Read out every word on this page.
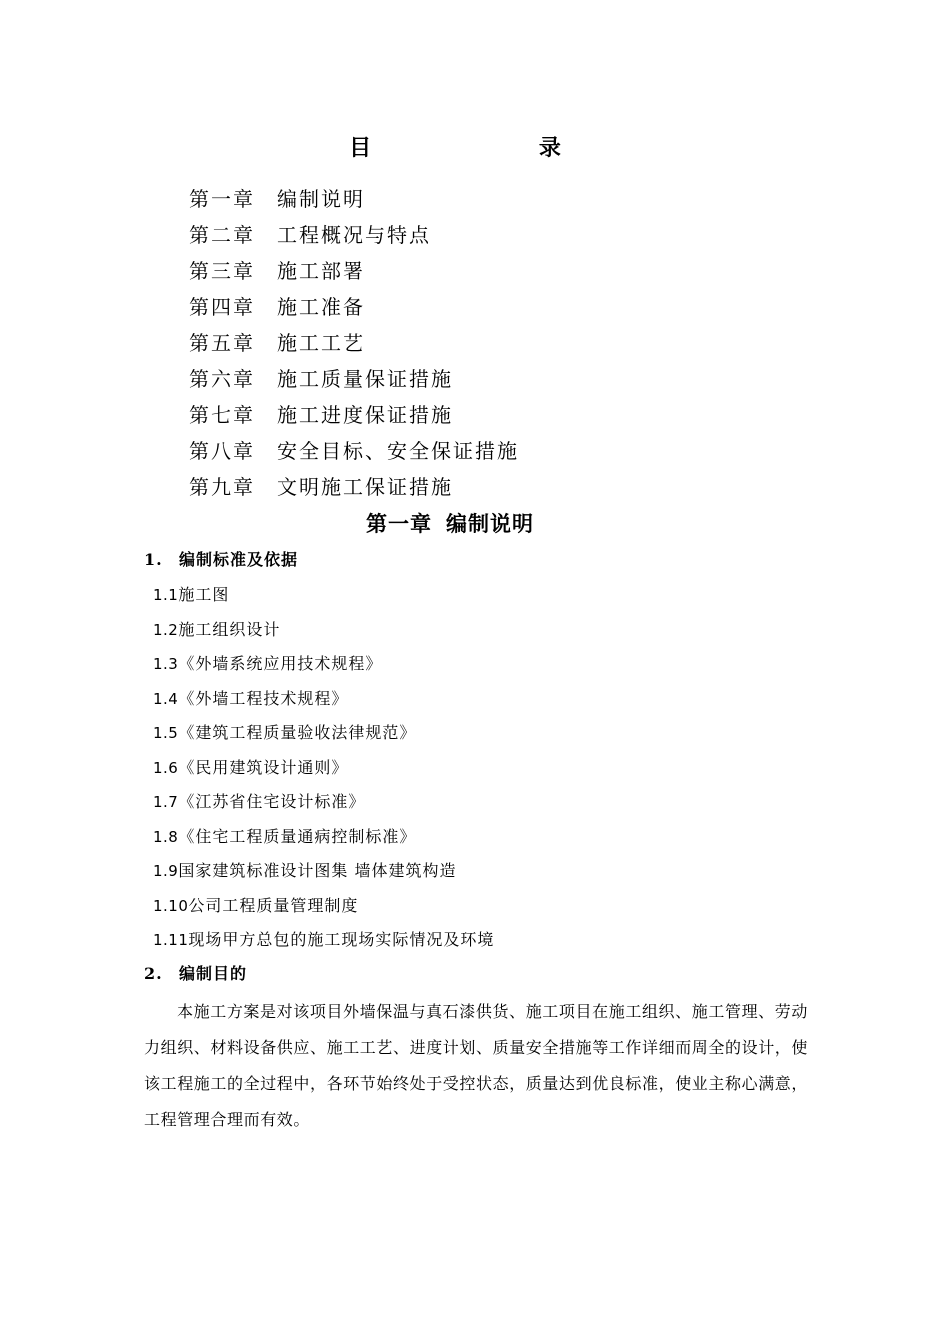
目 录
第一章 编制说明
第二章 工程概况与特点
第三章 施工部署
第四章 施工准备
第五章 施工工艺
第六章 施工质量保证措施
第七章 施工进度保证措施
第八章 安全目标、安全保证措施
第九章 文明施工保证措施
第一章 编制说明
1. 编制标准及依据
1.1施工图
1.2施工组织设计
1.3《外墙系统应用技术规程》
1.4《外墙工程技术规程》
1.5《建筑工程质量验收法律规范》
1.6《民用建筑设计通则》
1.7《江苏省住宅设计标准》
1.8《住宅工程质量通病控制标准》
1.9国家建筑标准设计图集 墙体建筑构造
1.10公司工程质量管理制度
1.11现场甲方总包的施工现场实际情况及环境
2. 编制目的

本施工方案是对该项目外墙保温与真石漆供货、施工项目在施工组织、施工管理、劳动力组织、材料设备供应、施工工艺、进度计划、质量安全措施等工作详细而周全的设计，使该工程施工的全过程中，各环节始终处于受控状态，质量达到优良标准，使业主称心满意，工程管理合理而有效。
